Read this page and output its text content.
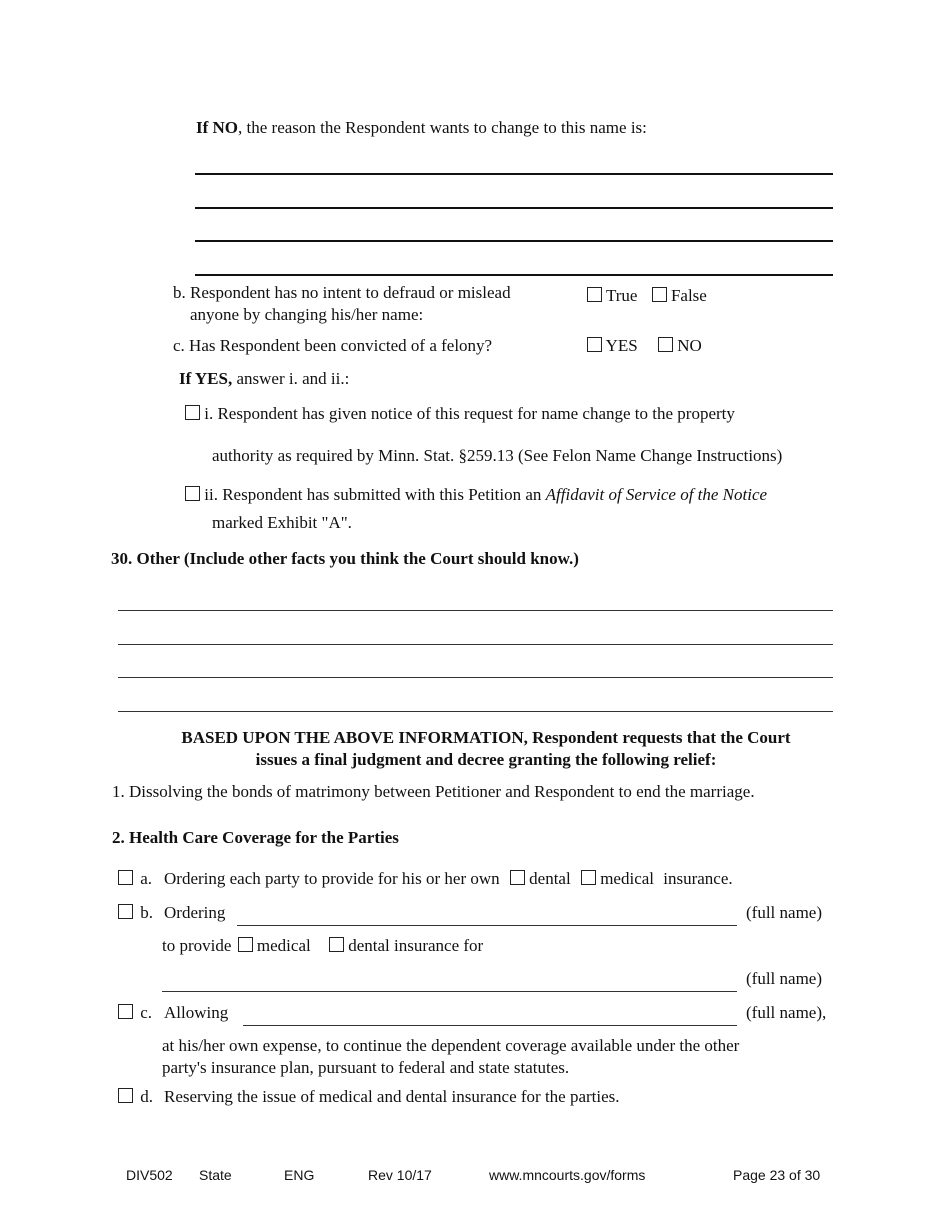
If NO, the reason the Respondent wants to change to this name is:
b. Respondent has no intent to defraud or mislead
anyone by changing his/her name:
True False
c. Has Respondent been convicted of a felony?	YES NO
If YES, answer i. and ii.:
i. Respondent has given notice of this request for name change to the property
authority as required by Minn. Stat. §259.13 (See Felon Name Change Instructions)
ii. Respondent has submitted with this Petition an Affidavit of Service of the Notice
marked Exhibit "A".
30. Other (Include other facts you think the Court should know.)
BASED UPON THE ABOVE INFORMATION, Respondent requests that the Court
issues a final judgment and decree granting the following relief:
1. Dissolving the bonds of matrimony between Petitioner and Respondent to end the marriage.
2. Health Care Coverage for the Parties
a. Ordering each party to provide for his or her own dental medical insurance.
b. Ordering	(full name)
to provide medical dental insurance for
(full name)
c. Allowing	(full name),
at his/her own expense, to continue the dependent coverage available under the other
party's insurance plan, pursuant to federal and state statutes.
d. Reserving the issue of medical and dental insurance for the parties.
DIV502 State	ENG	Rev 10/17	www.mncourts.gov/forms	Page 23 of 30
